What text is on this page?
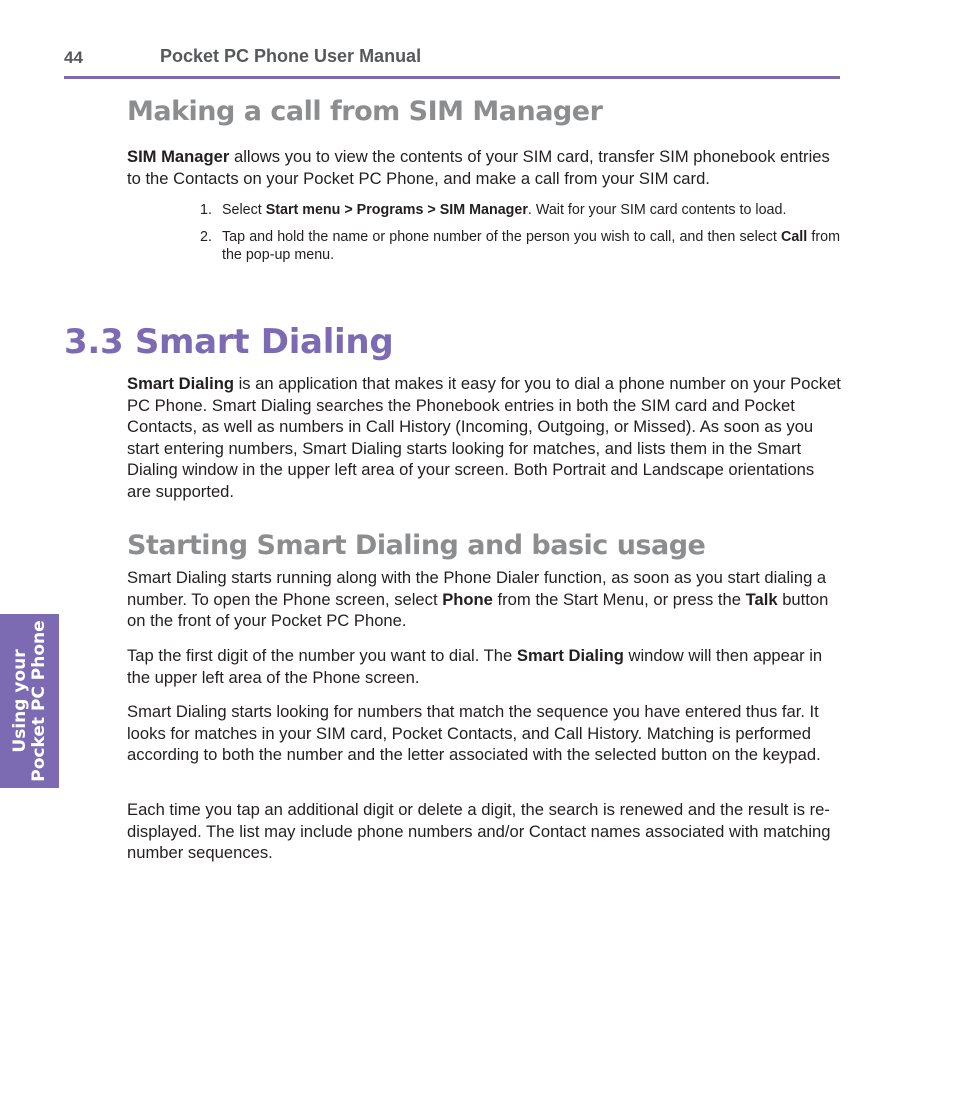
44	Pocket PC Phone User Manual
Using your Pocket PC Phone
Making a call from SIM Manager

SIM Manager allows you to view the contents of your SIM card, transfer SIM phonebook entries to the Contacts on your Pocket PC Phone, and make a call from your SIM card.

1. Select Start menu > Programs > SIM Manager. Wait for your SIM card contents to load.
2. Tap and hold the name or phone number of the person you wish to call, and then select Call from the pop-up menu.
3.3 Smart Dialing

Smart Dialing is an application that makes it easy for you to dial a phone number on your Pocket PC Phone. Smart Dialing searches the Phonebook entries in both the SIM card and Pocket Contacts, as well as numbers in Call History (Incoming, Outgoing, or Missed). As soon as you start entering numbers, Smart Dialing starts looking for matches, and lists them in the Smart Dialing window in the upper left area of your screen. Both Portrait and Landscape orientations are supported.

Starting Smart Dialing and basic usage

Smart Dialing starts running along with the Phone Dialer function, as soon as you start dialing a number. To open the Phone screen, select Phone from the Start Menu, or press the Talk button on the front of your Pocket PC Phone.

Tap the first digit of the number you want to dial. The Smart Dialing window will then appear in the upper left area of the Phone screen.

Smart Dialing starts looking for numbers that match the sequence you have entered thus far. It looks for matches in your SIM card, Pocket Contacts, and Call History. Matching is performed according to both the number and the letter associated with the selected button on the keypad.

Each time you tap an additional digit or delete a digit, the search is renewed and the result is re-displayed. The list may include phone numbers and/or Contact names associated with matching number sequences.
